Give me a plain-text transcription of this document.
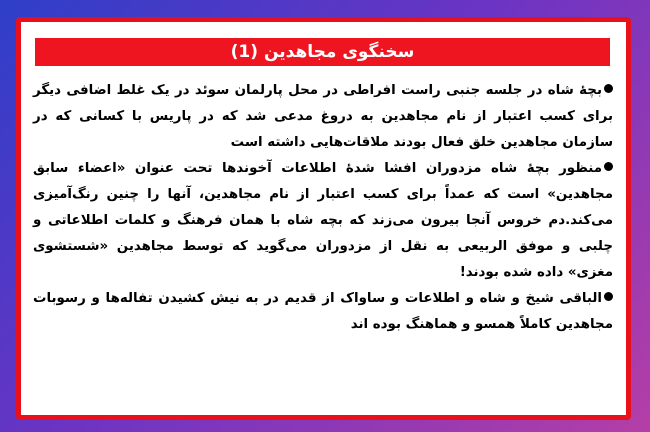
سخنگوی مجاهدین (1)

بچهٔ شاه در جلسه جنبی راست افراطی در محل پارلمان سوئد در یک غلط اضافی دیگر برای کسب اعتبار از نام مجاهدین به دروغ مدعی شد که در پاریس با کسانی که در سازمان مجاهدین خلق فعال بودند ملاقات‌هایی داشته است

منظور بچهٔ شاه مزدوران افشا شدهٔ اطلاعات آخوندها تحت عنوان «اعضاء سابق مجاهدین» است که عمداً برای کسب اعتبار از نام مجاهدین، آنها را چنین رنگ‌آمیزی می‌کند.دم خروس آنجا بیرون می‌زند که بچه شاه با همان فرهنگ و کلمات اطلاعاتی و چلبی و موفق الربیعی به نقل از مزدوران می‌گوید که توسط مجاهدین «شستشوی مغزی» داده شده بودند!

الباقی شیخ و شاه و اطلاعات و ساواک از قدیم در به نیش کشیدن تفاله‌ها و رسوبات مجاهدین کاملاً همسو و هماهنگ بوده اند
